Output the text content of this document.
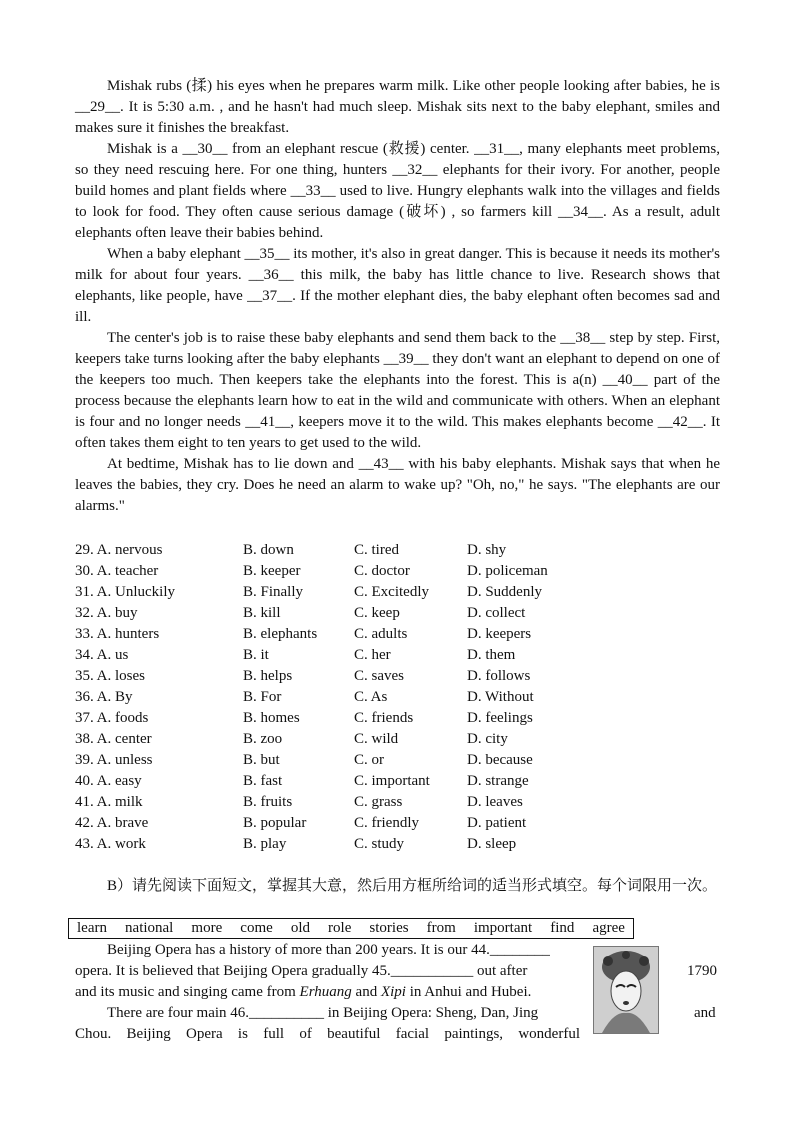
Mishak rubs (揉) his eyes when he prepares warm milk. Like other people looking after babies, he is __29__. It is 5:30 a.m. , and he hasn't had much sleep. Mishak sits next to the baby elephant, smiles and makes sure it finishes the breakfast.

Mishak is a __30__ from an elephant rescue (救援) center. __31__, many elephants meet problems, so they need rescuing here. For one thing, hunters __32__ elephants for their ivory. For another, people build homes and plant fields where __33__ used to live. Hungry elephants walk into the villages and fields to look for food. They often cause serious damage (破坏) , so farmers kill __34__. As a result, adult elephants often leave their babies behind.

When a baby elephant __35__ its mother, it's also in great danger. This is because it needs its mother's milk for about four years. __36__ this milk, the baby has little chance to live. Research shows that elephants, like people, have __37__. If the mother elephant dies, the baby elephant often becomes sad and ill.

The center's job is to raise these baby elephants and send them back to the __38__ step by step. First, keepers take turns looking after the baby elephants __39__ they don't want an elephant to depend on one of the keepers too much. Then keepers take the elephants into the forest. This is a(n) __40__ part of the process because the elephants learn how to eat in the wild and communicate with others. When an elephant is four and no longer needs __41__, keepers move it to the wild. This makes elephants become __42__. It often takes them eight to ten years to get used to the wild.

At bedtime, Mishak has to lie down and __43__ with his baby elephants. Mishak says that when he leaves the babies, they cry. Does he need an alarm to wake up? "Oh, no," he says. "The elephants are our alarms."

29. A. nervous	B. down	C. tired	D. shy
30. A. teacher	B. keeper	C. doctor	D. policeman
31. A. Unluckily	B. Finally	C. Excitedly	D. Suddenly
32. A. buy	B. kill	C. keep	D. collect
33. A. hunters	B. elephants C. adults	D. keepers
34. A. us	B. it	C. her	D. them
35. A. loses	B. helps	C. saves	D. follows
36. A. By	B. For	C. As	D. Without
37. A. foods	B. homes	C. friends	D. feelings
38. A. center	B. zoo	C. wild	D. city
39. A. unless	B. but	C. or	D. because
40. A. easy	B. fast	C. important D. strange
41. A. milk	B. fruits	C. grass	D. leaves
42. A. brave	B. popular	C. friendly	D. patient
43. A. work	B. play	C. study	D. sleep

B）请先阅读下面短文，掌握其大意，然后用方框所给词的适当形式填空。每个词限用一次。

learn national more come old role stories from important find agree
Beijing Opera has a history of more than 200 years. It is our 44.________
opera. It is believed that Beijing Opera gradually 45.___________ out after	1790
and its music and singing came from Erhuang and Xipi in Anhui and Hubei.
There are four main 46.__________ in Beijing Opera: Sheng, Dan, Jing	and
Chou. Beijing Opera is full of beautiful facial paintings, wonderful
